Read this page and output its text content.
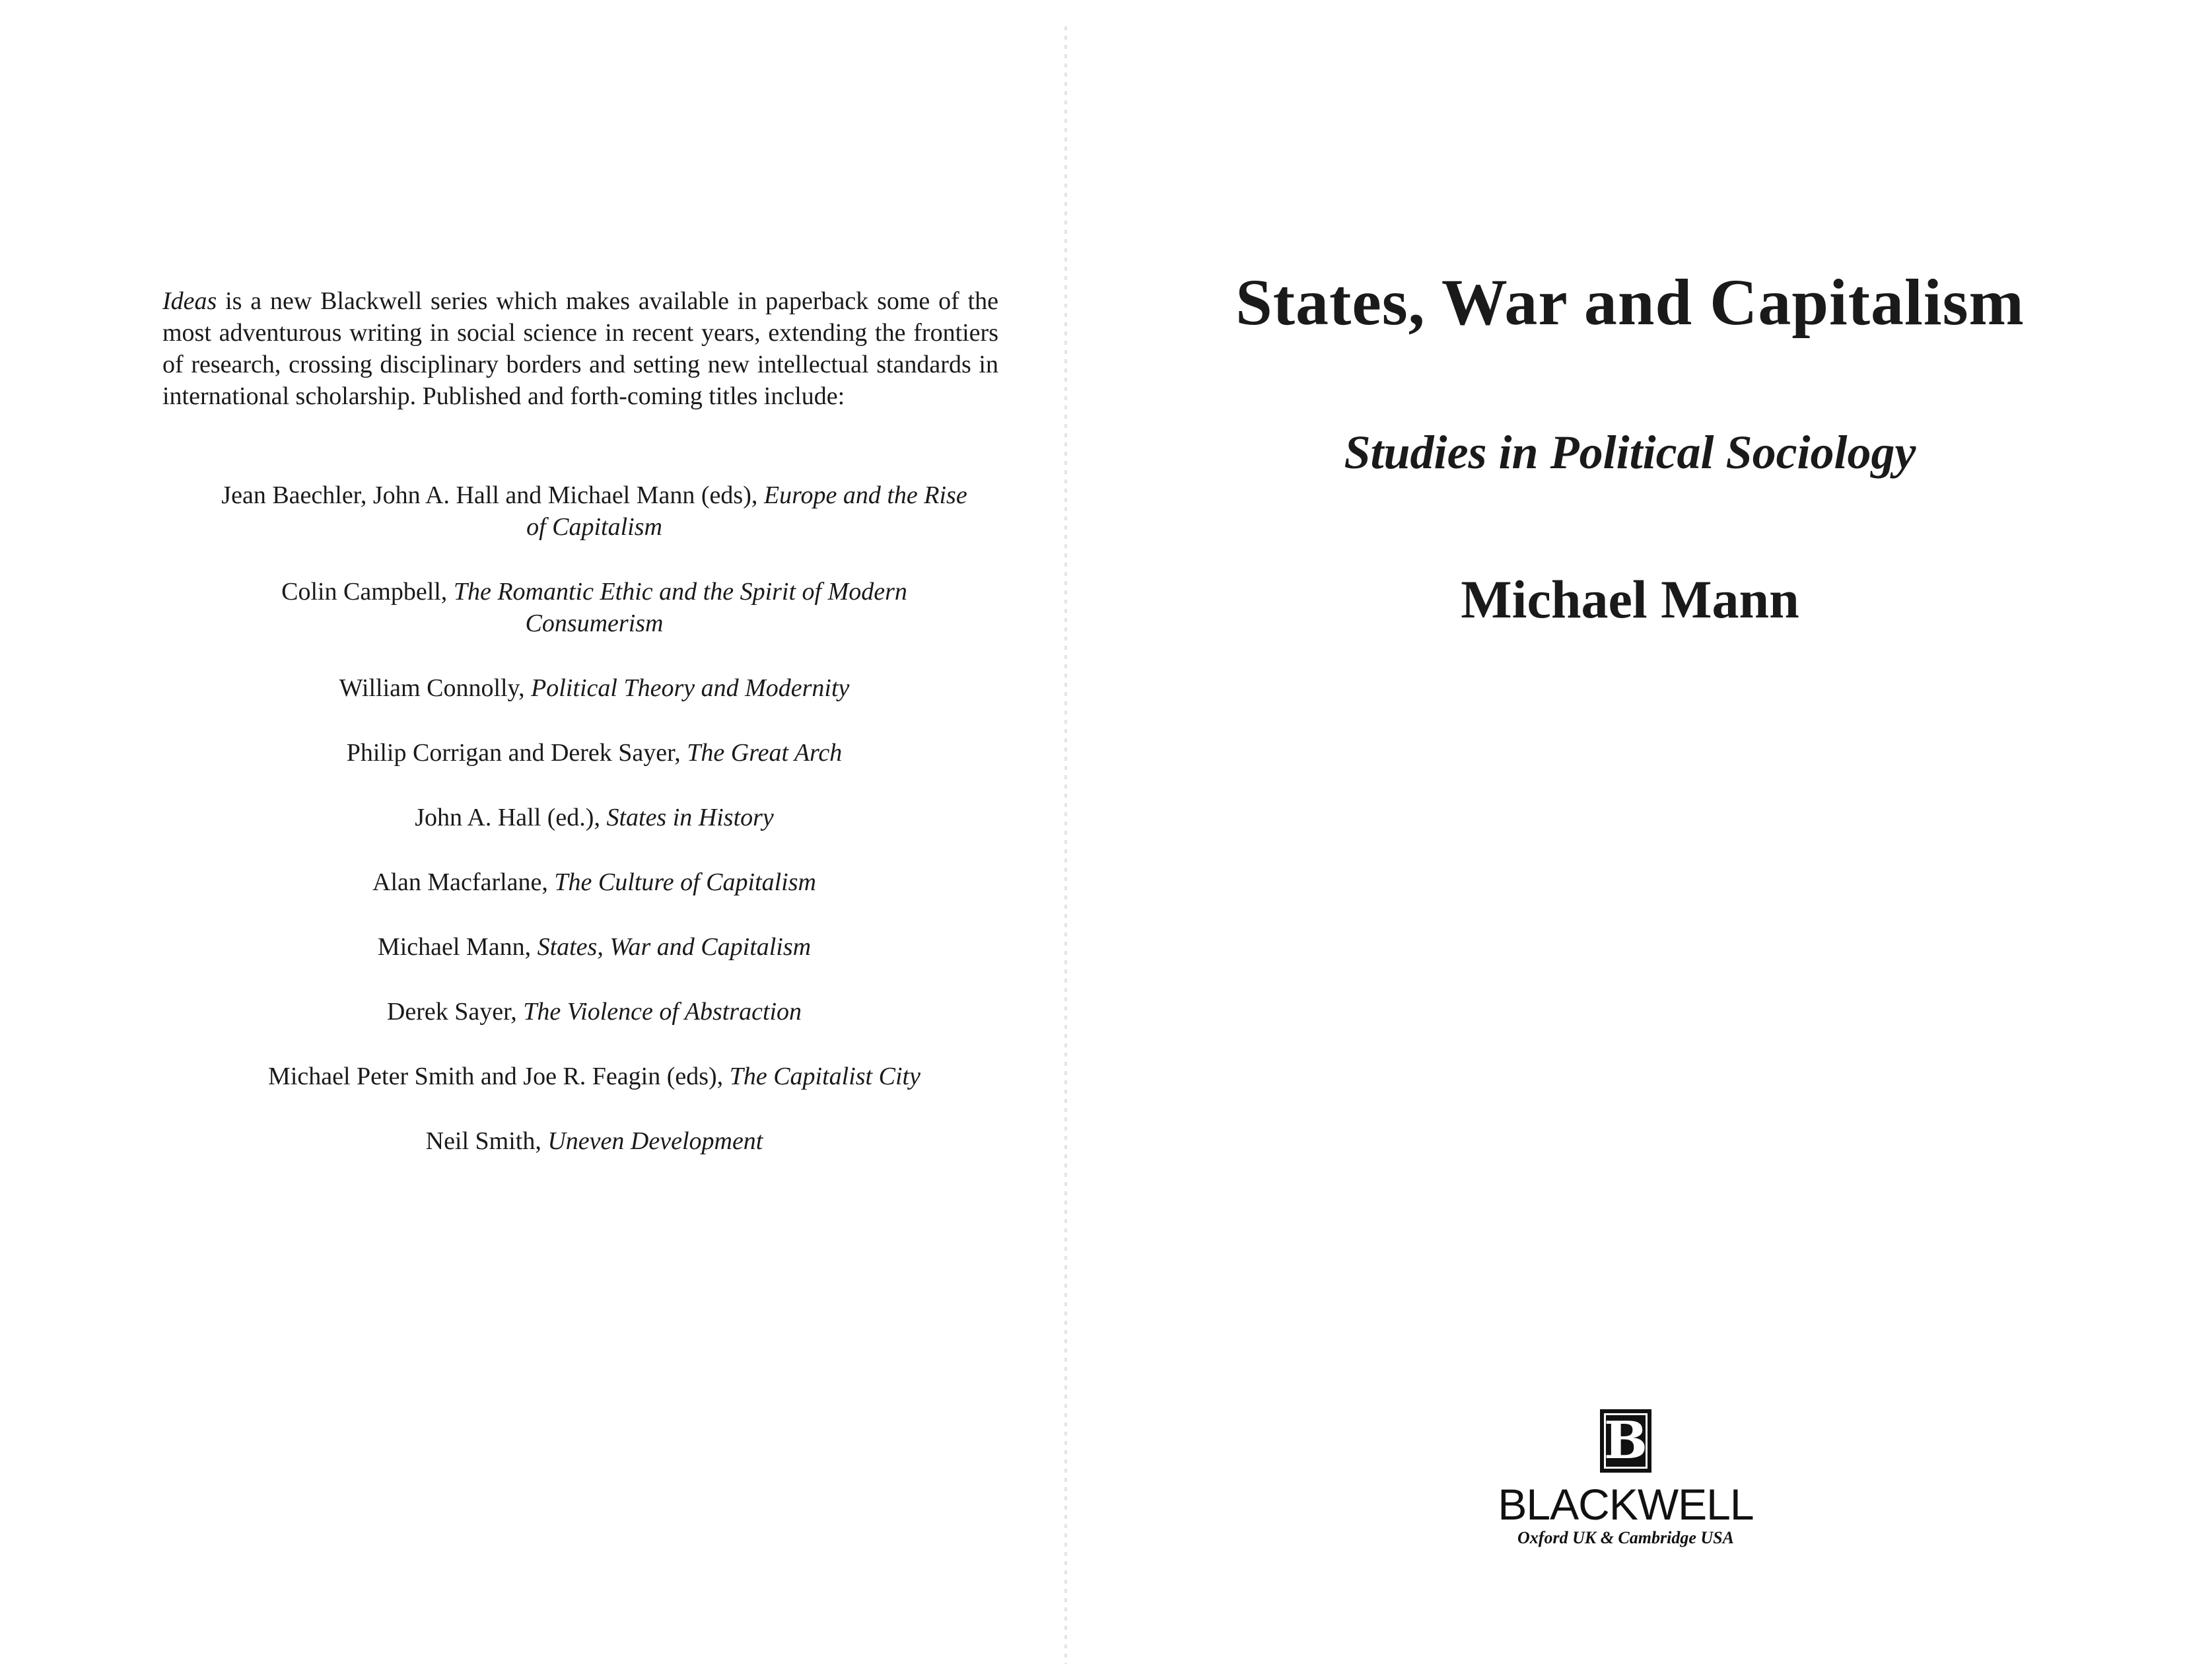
Ideas is a new Blackwell series which makes available in paperback some of the most adventurous writing in social science in recent years, extending the frontiers of research, crossing disciplinary borders and setting new intellectual standards in international scholarship. Published and forth-coming titles include:

Jean Baechler, John A. Hall and Michael Mann (eds), Europe and the Rise of Capitalism
Colin Campbell, The Romantic Ethic and the Spirit of Modern Consumerism
William Connolly, Political Theory and Modernity
Philip Corrigan and Derek Sayer, The Great Arch
John A. Hall (ed.), States in History
Alan Macfarlane, The Culture of Capitalism
Michael Mann, States, War and Capitalism
Derek Sayer, The Violence of Abstraction
Michael Peter Smith and Joe R. Feagin (eds), The Capitalist City
Neil Smith, Uneven Development
States, War and Capitalism
Studies in Political Sociology
Michael Mann
B
BLACKWELL
Oxford UK & Cambridge USA
